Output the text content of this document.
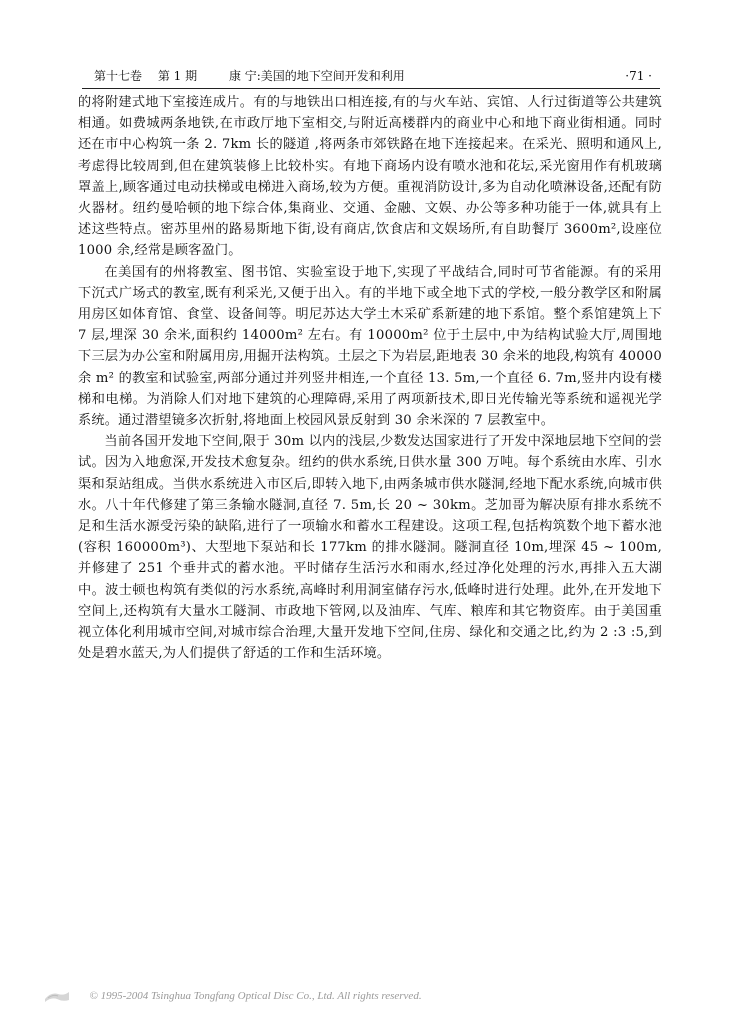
第十七卷 第 1 期	康 宁:美国的地下空间开发和利用	·71 ·

的将附建式地下室接连成片。有的与地铁出口相连接,有的与火车站、宾馆、人行过街道等公共建筑相通。如费城两条地铁,在市政厅地下室相交,与附近高楼群内的商业中心和地下商业街相通。同时还在市中心构筑一条 2. 7km 长的隧道 ,将两条市郊铁路在地下连接起来。在采光、照明和通风上,考虑得比较周到,但在建筑装修上比较朴实。有地下商场内设有喷水池和花坛,采光窗用作有机玻璃罩盖上,顾客通过电动扶梯或电梯进入商场,较为方便。重视消防设计,多为自动化喷淋设备,还配有防火器材。纽约曼哈顿的地下综合体,集商业、交通、金融、文娱、办公等多种功能于一体,就具有上述这些特点。密苏里州的路易斯地下街,设有商店,饮食店和文娱场所,有自助餐厅 3600m²,设座位 1000 余,经常是顾客盈门。

在美国有的州将教室、图书馆、实验室设于地下,实现了平战结合,同时可节省能源。有的采用下沉式广场式的教室,既有利采光,又便于出入。有的半地下或全地下式的学校,一般分教学区和附属用房区如体育馆、食堂、设备间等。明尼苏达大学土木采矿系新建的地下系馆。整个系馆建筑上下 7 层,埋深 30 余米,面积约 14000m² 左右。有 10000m² 位于土层中,中为结构试验大厅,周围地下三层为办公室和附属用房,用掘开法构筑。土层之下为岩层,距地表 30 余米的地段,构筑有 40000 余 m² 的教室和试验室,两部分通过并列竖井相连,一个直径 13. 5m,一个直径 6. 7m,竖井内设有楼梯和电梯。为消除人们对地下建筑的心理障碍,采用了两项新技术,即日光传输光等系统和遥视光学系统。通过潜望镜多次折射,将地面上校园风景反射到 30 余米深的 7 层教室中。

当前各国开发地下空间,限于 30m 以内的浅层,少数发达国家进行了开发中深地层地下空间的尝试。因为入地愈深,开发技术愈复杂。纽约的供水系统,日供水量 300 万吨。每个系统由水库、引水渠和泵站组成。当供水系统进入市区后,即转入地下,由两条城市供水隧洞,经地下配水系统,向城市供水。八十年代修建了第三条输水隧洞,直径 7. 5m,长 20 ~ 30km。芝加哥为解决原有排水系统不足和生活水源受污染的缺陷,进行了一项输水和蓄水工程建设。这项工程,包括构筑数个地下蓄水池(容积 160000m³)、大型地下泵站和长 177km 的排水隧洞。隧洞直径 10m,埋深 45 ~ 100m,并修建了 251 个垂井式的蓄水池。平时储存生活污水和雨水,经过净化处理的污水,再排入五大湖中。波士顿也构筑有类似的污水系统,高峰时利用洞室储存污水,低峰时进行处理。此外,在开发地下空间上,还构筑有大量水工隧洞、市政地下管网,以及油库、气库、粮库和其它物资库。由于美国重视立体化利用城市空间,对城市综合治理,大量开发地下空间,住房、绿化和交通之比,约为 2 :3 :5,到处是碧水蓝天,为人们提供了舒适的工作和生活环境。

© 1995-2004 Tsinghua Tongfang Optical Disc Co., Ltd. All rights reserved.
